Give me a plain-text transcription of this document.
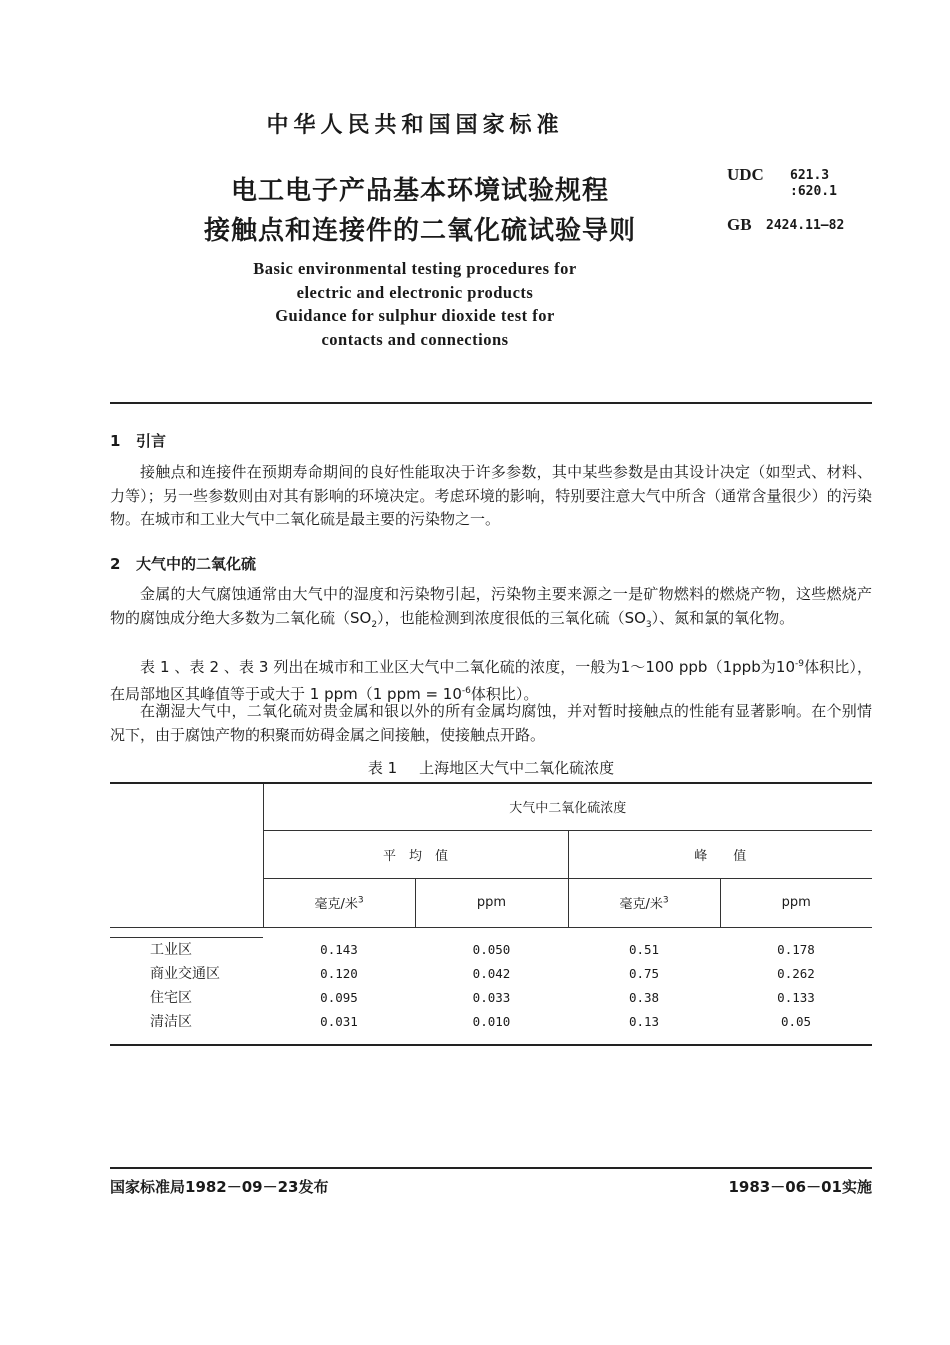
中华人民共和国国家标准
电工电子产品基本环境试验规程
接触点和连接件的二氧化硫试验导则
UDC 621.3
:620.1
GB 2424.11—82
Basic environmental testing procedures for
electric and electronic products
Guidance for sulphur dioxide test for
contacts and connections
1 引言
接触点和连接件在预期寿命期间的良好性能取决于许多参数，其中某些参数是由其设计决定（如型式、材料、力等）；另一些参数则由对其有影响的环境决定。考虑环境的影响，特别要注意大气中所含（通常含量很少）的污染物。在城市和工业大气中二氧化硫是最主要的污染物之一。
2 大气中的二氧化硫
金属的大气腐蚀通常由大气中的湿度和污染物引起，污染物主要来源之一是矿物燃料的燃烧产物，这些燃烧产物的腐蚀成分绝大多数为二氧化硫$(SO_2)$，也能检测到浓度很低的三氧化硫$(SO_3)$、氮和氯的氧化物。
表 1 、表 2 、表 3 列出在城市和工业区大气中二氧化硫的浓度，一般为1～100 ppb（1ppb为$10^{-9}$体积比），在局部地区其峰值等于或大于 1 ppm（1 ppm = $10^{-6}$体积比）。
在潮湿大气中，二氧化硫对贵金属和银以外的所有金属均腐蚀，并对暂时接触点的性能有显著影响。在个别情况下，由于腐蚀产物的积聚而妨碍金属之间接触，使接触点开路。
表 1 上海地区大气中二氧化硫浓度
	大气中二氧化硫浓度			
	平　均　值		峰　　值	
	毫克/米$^3$	ppm	毫克/米$^3$	ppm

工业区	0.143	0.050	0.51	0.178
商业交通区	0.120	0.042	0.75	0.262
住宅区	0.095	0.033	0.38	0.133
清洁区	0.031	0.010	0.13	0.05

国家标准局1982－09－23发布	1983－06－01实施
